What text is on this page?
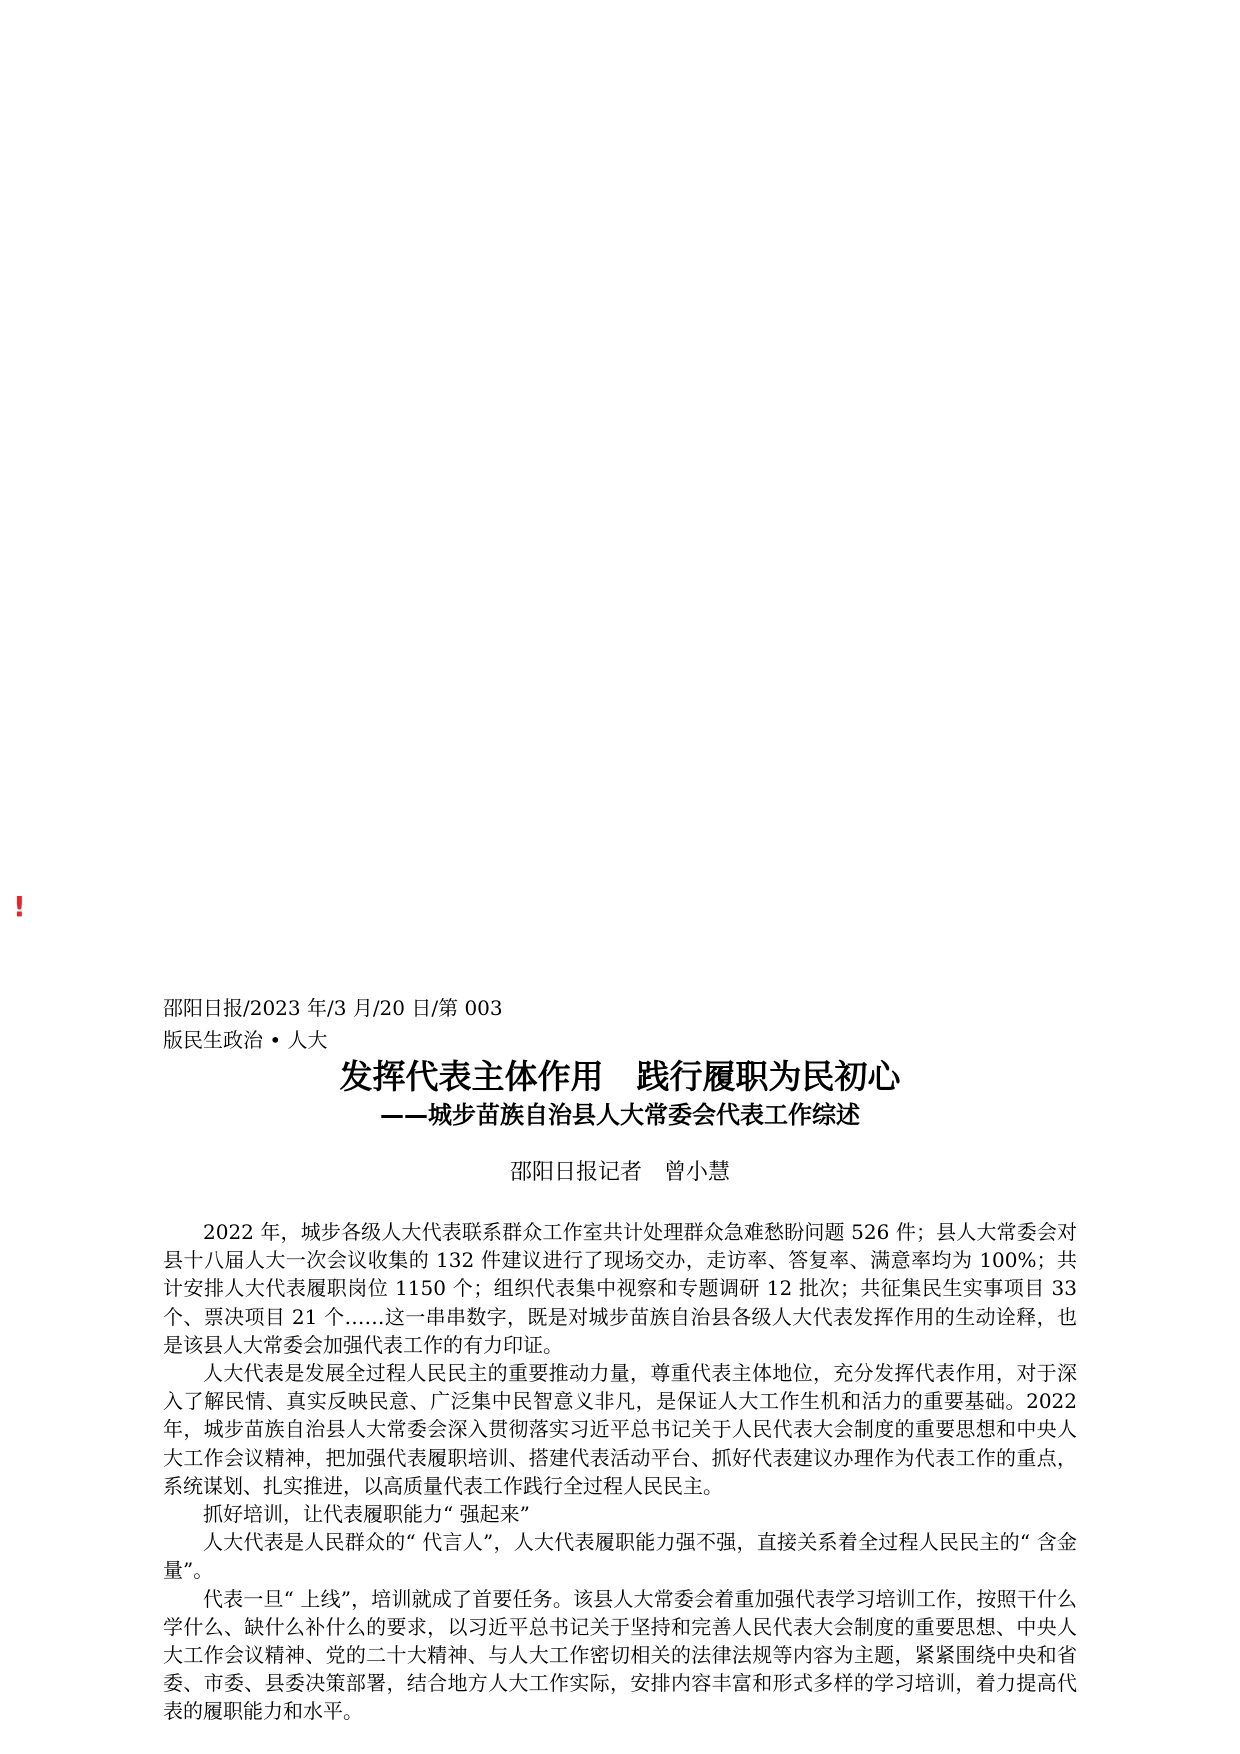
!
邵阳日报/2023 年/3 月/20 日/第 003
版民生政治 • 人大
发挥代表主体作用　践行履职为民初心
——城步苗族自治县人大常委会代表工作综述
邵阳日报记者　曾小慧

2022 年，城步各级人大代表联系群众工作室共计处理群众急难愁盼问题 526 件；县人大常委会对县十八届人大一次会议收集的 132 件建议进行了现场交办，走访率、答复率、满意率均为 100%；共计安排人大代表履职岗位 1150 个；组织代表集中视察和专题调研 12 批次；共征集民生实事项目 33 个、票决项目 21 个……这一串串数字，既是对城步苗族自治县各级人大代表发挥作用的生动诠释，也是该县人大常委会加强代表工作的有力印证。

人大代表是发展全过程人民民主的重要推动力量，尊重代表主体地位，充分发挥代表作用，对于深入了解民情、真实反映民意、广泛集中民智意义非凡，是保证人大工作生机和活力的重要基础。2022 年，城步苗族自治县人大常委会深入贯彻落实习近平总书记关于人民代表大会制度的重要思想和中央人大工作会议精神，把加强代表履职培训、搭建代表活动平台、抓好代表建议办理作为代表工作的重点，系统谋划、扎实推进，以高质量代表工作践行全过程人民民主。

抓好培训，让代表履职能力“ 强起来”

人大代表是人民群众的“ 代言人”，人大代表履职能力强不强，直接关系着全过程人民民主的“ 含金量”。

代表一旦“ 上线”，培训就成了首要任务。该县人大常委会着重加强代表学习培训工作，按照干什么学什么、缺什么补什么的要求，以习近平总书记关于坚持和完善人民代表大会制度的重要思想、中央人大工作会议精神、党的二十大精神、与人大工作密切相关的法律法规等内容为主题，紧紧围绕中央和省委、市委、县委决策部署，结合地方人大工作实际，安排内容丰富和形式多样的学习培训，着力提高代表的履职能力和水平。
